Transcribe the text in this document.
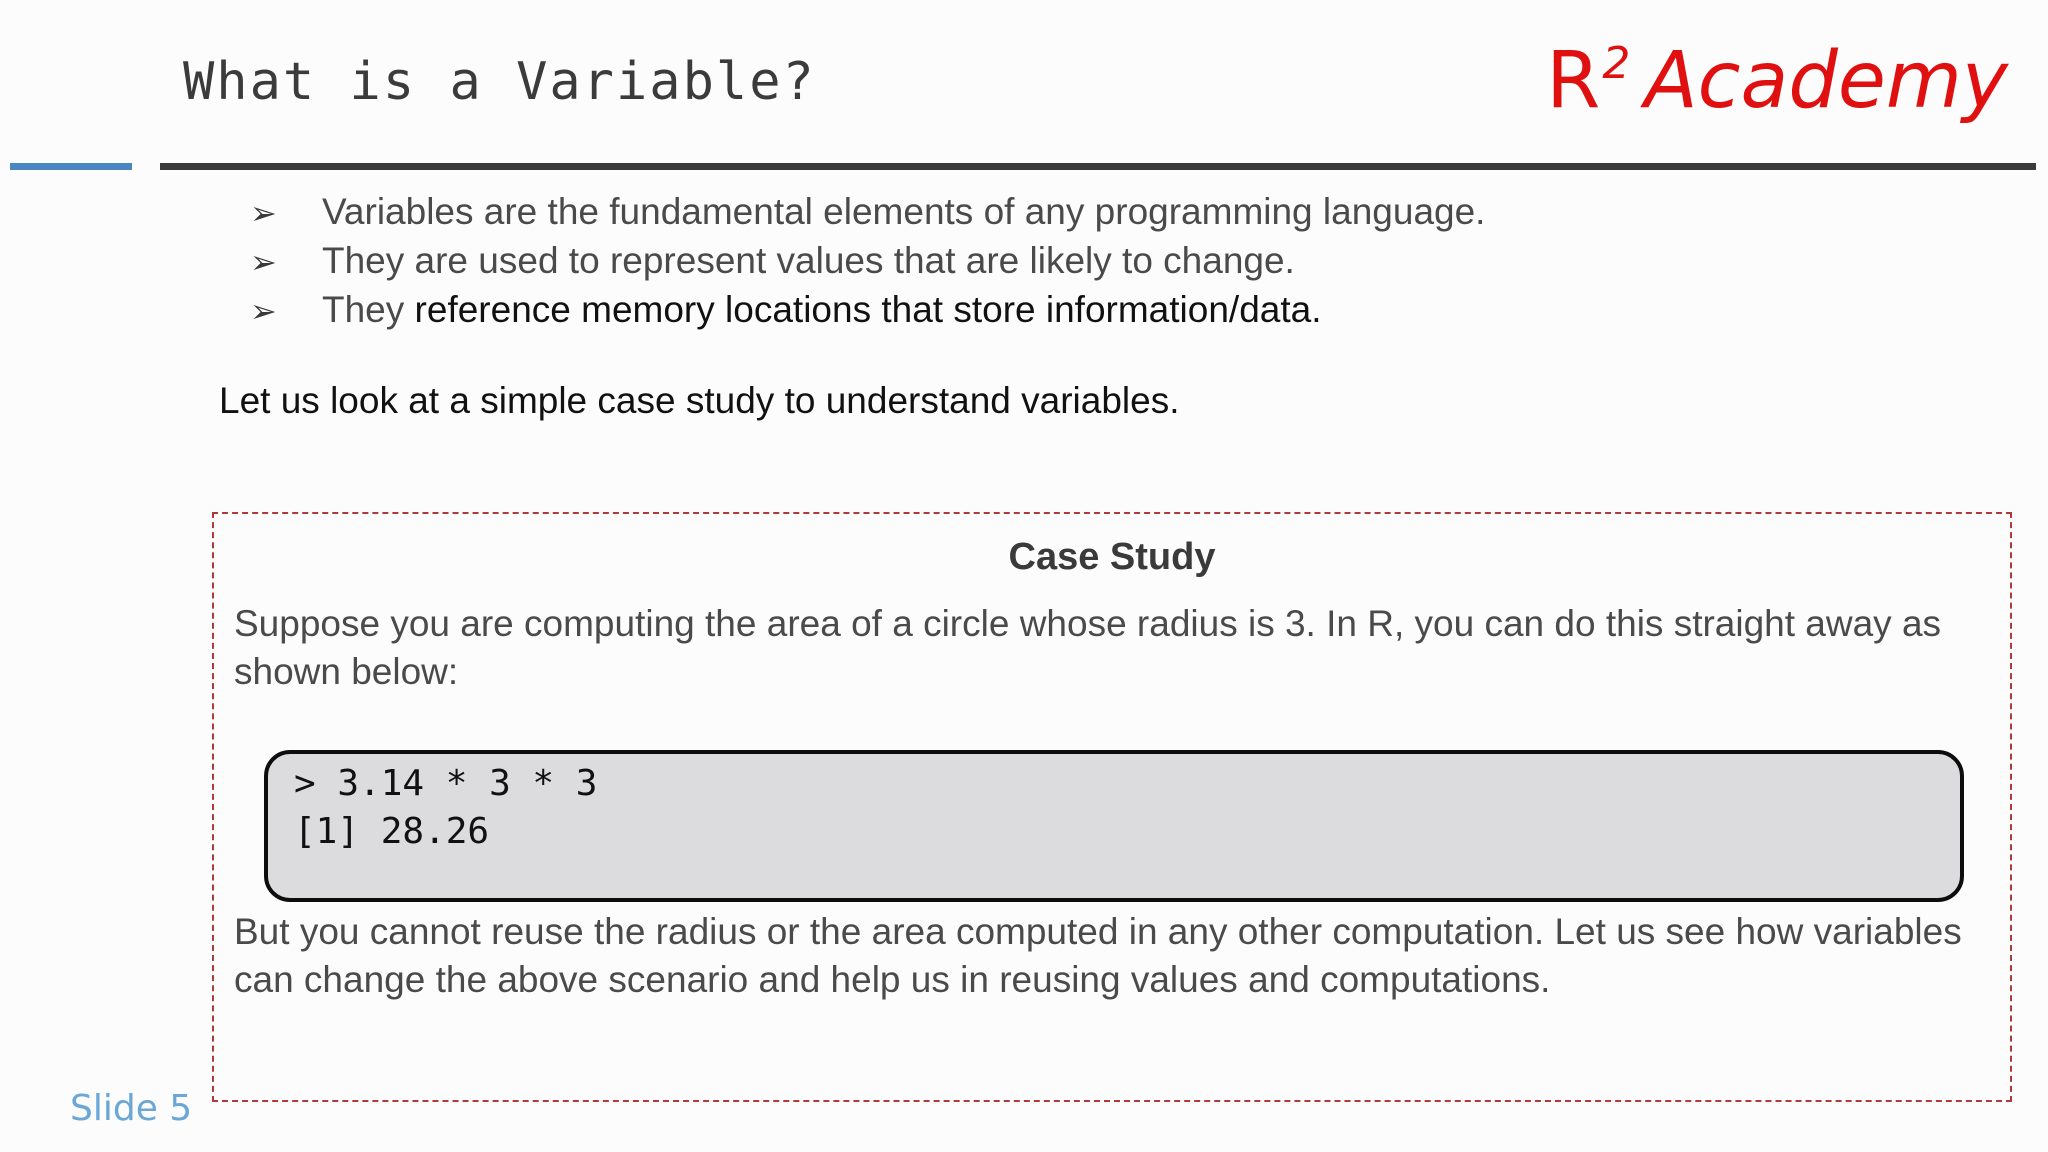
What is a Variable?	$R^2$ Academy
➢	Variables are the fundamental elements of any programming language.
➢	They are used to represent values that are likely to change.
➢	They reference memory locations that store information/data.
Let us look at a simple case study to understand variables.
Case Study
Suppose you are computing the area of a circle whose radius is 3. In R, you can do this straight away as shown below:
> 3.14 * 3 * 3
[1] 28.26
But you cannot reuse the radius or the area computed in any other computation. Let us see how variables can change the above scenario and help us in reusing values and computations.
Slide 5
